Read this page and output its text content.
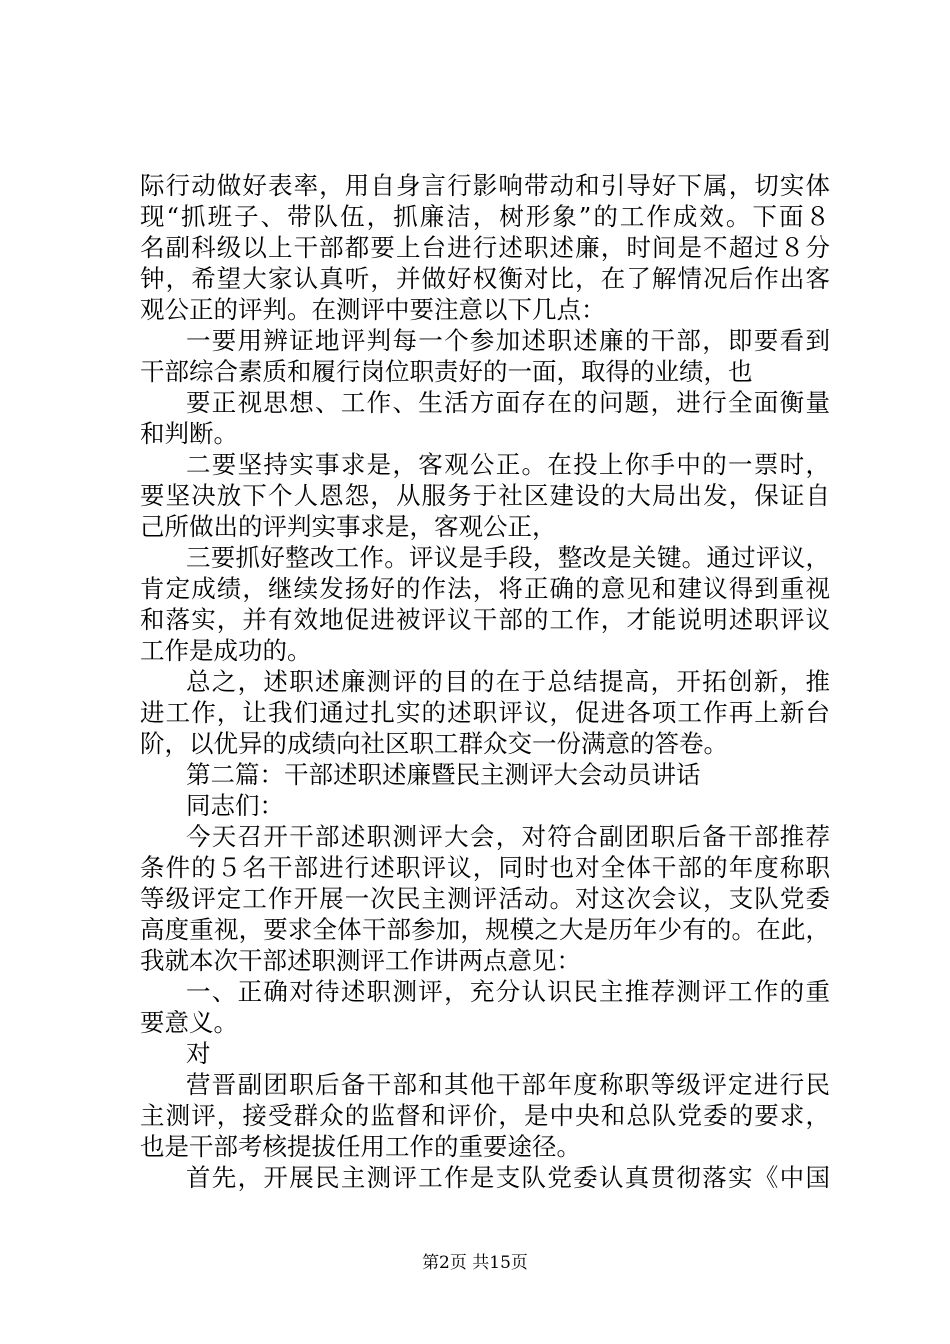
际行动做好表率，用自身言行影响带动和引导好下属，切实体
现“抓班子、带队伍，抓廉洁，树形象”的工作成效。下面８
名副科级以上干部都要上台进行述职述廉，时间是不超过８分
钟，希望大家认真听，并做好权衡对比，在了解情况后作出客
观公正的评判。在测评中要注意以下几点：
一要用辨证地评判每一个参加述职述廉的干部，即要看到
干部综合素质和履行岗位职责好的一面，取得的业绩，也
要正视思想、工作、生活方面存在的问题，进行全面衡量
和判断。
二要坚持实事求是，客观公正。在投上你手中的一票时，
要坚决放下个人恩怨，从服务于社区建设的大局出发，保证自
己所做出的评判实事求是，客观公正，
三要抓好整改工作。评议是手段，整改是关键。通过评议，
肯定成绩，继续发扬好的作法，将正确的意见和建议得到重视
和落实，并有效地促进被评议干部的工作，才能说明述职评议
工作是成功的。
总之，述职述廉测评的目的在于总结提高，开拓创新，推
进工作，让我们通过扎实的述职评议，促进各项工作再上新台
阶，以优异的成绩向社区职工群众交一份满意的答卷。
第二篇：干部述职述廉暨民主测评大会动员讲话
同志们：
今天召开干部述职测评大会，对符合副团职后备干部推荐
条件的５名干部进行述职评议，同时也对全体干部的年度称职
等级评定工作开展一次民主测评活动。对这次会议，支队党委
高度重视，要求全体干部参加，规模之大是历年少有的。在此，
我就本次干部述职测评工作讲两点意见：
一、正确对待述职测评，充分认识民主推荐测评工作的重
要意义。
对
营晋副团职后备干部和其他干部年度称职等级评定进行民
主测评，接受群众的监督和评价，是中央和总队党委的要求，
也是干部考核提拔任用工作的重要途径。
首先，开展民主测评工作是支队党委认真贯彻落实《中国
第2页 共15页
